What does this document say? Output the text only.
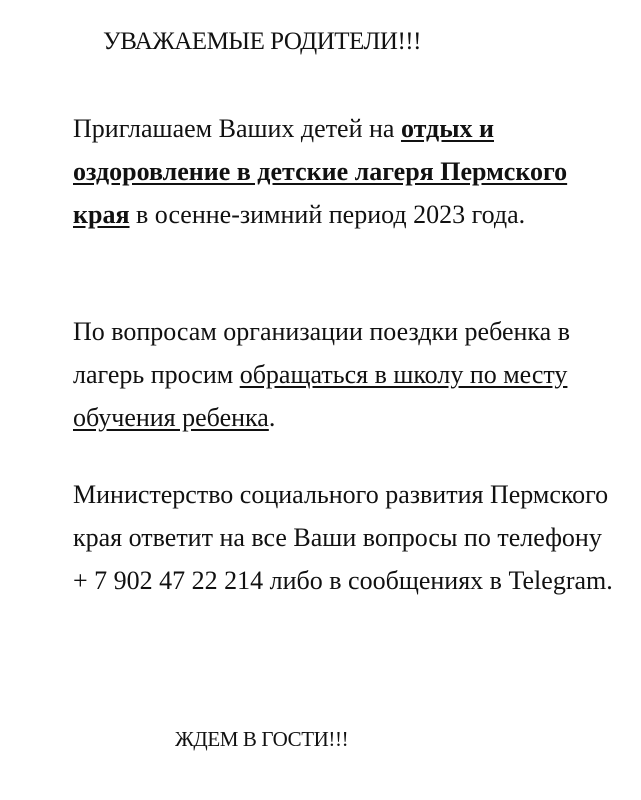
УВАЖАЕМЫЕ РОДИТЕЛИ!!!

Приглашаем Ваших детей на отдых и оздоровление в детские лагеря Пермского края в осенне-зимний период 2023 года.

По вопросам организации поездки ребенка в лагерь просим обращаться в школу по месту обучения ребенка.

Министерство социального развития Пермского края ответит на все Ваши вопросы по телефону + 7 902 47 22 214 либо в сообщениях в Telegram.

ЖДЕМ В ГОСТИ!!!
